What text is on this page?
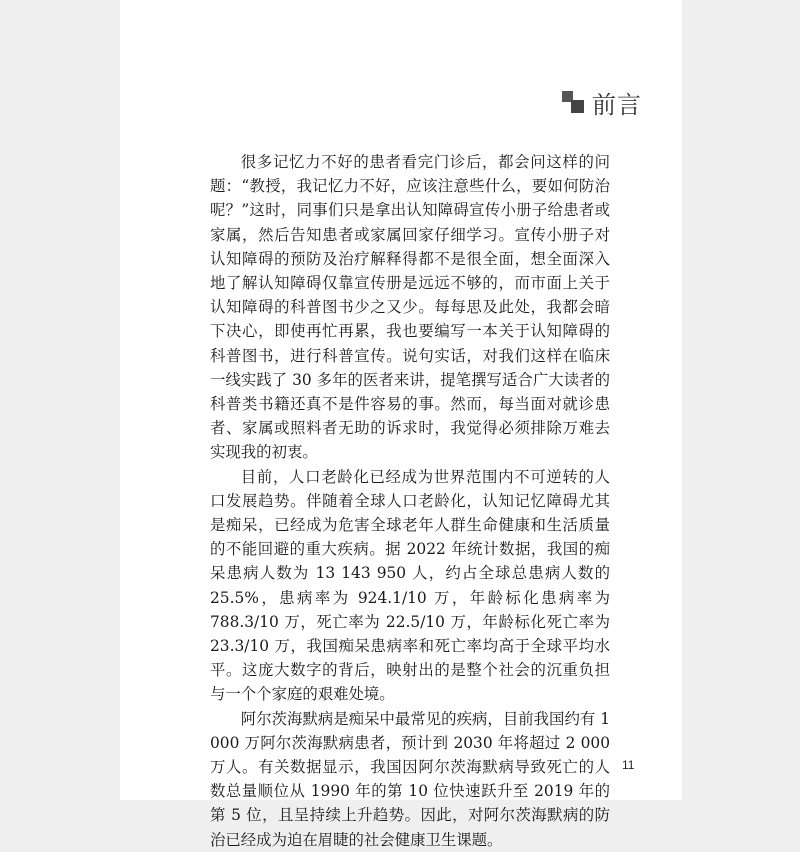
前言

很多记忆力不好的患者看完门诊后，都会问这样的问题：“教授，我记忆力不好，应该注意些什么，要如何防治呢？”这时，同事们只是拿出认知障碍宣传小册子给患者或家属，然后告知患者或家属回家仔细学习。宣传小册子对认知障碍的预防及治疗解释得都不是很全面，想全面深入地了解认知障碍仅靠宣传册是远远不够的，而市面上关于认知障碍的科普图书少之又少。每每思及此处，我都会暗下决心，即使再忙再累，我也要编写一本关于认知障碍的科普图书，进行科普宣传。说句实话，对我们这样在临床一线实践了 30 多年的医者来讲，提笔撰写适合广大读者的科普类书籍还真不是件容易的事。然而，每当面对就诊患者、家属或照料者无助的诉求时，我觉得必须排除万难去实现我的初衷。

目前，人口老龄化已经成为世界范围内不可逆转的人口发展趋势。伴随着全球人口老龄化，认知记忆障碍尤其是痴呆，已经成为危害全球老年人群生命健康和生活质量的不能回避的重大疾病。据 2022 年统计数据，我国的痴呆患病人数为 13 143 950 人，约占全球总患病人数的 25.5%，患病率为 924.1/10 万，年龄标化患病率为 788.3/10 万，死亡率为 22.5/10 万，年龄标化死亡率为 23.3/10 万，我国痴呆患病率和死亡率均高于全球平均水平。这庞大数字的背后，映射出的是整个社会的沉重负担与一个个家庭的艰难处境。

阿尔茨海默病是痴呆中最常见的疾病，目前我国约有 1 000 万阿尔茨海默病患者，预计到 2030 年将超过 2 000 万人。有关数据显示，我国因阿尔茨海默病导致死亡的人数总量顺位从 1990 年的第 10 位快速跃升至 2019 年的第 5 位，且呈持续上升趋势。因此，对阿尔茨海默病的防治已经成为迫在眉睫的社会健康卫生课题。

11
